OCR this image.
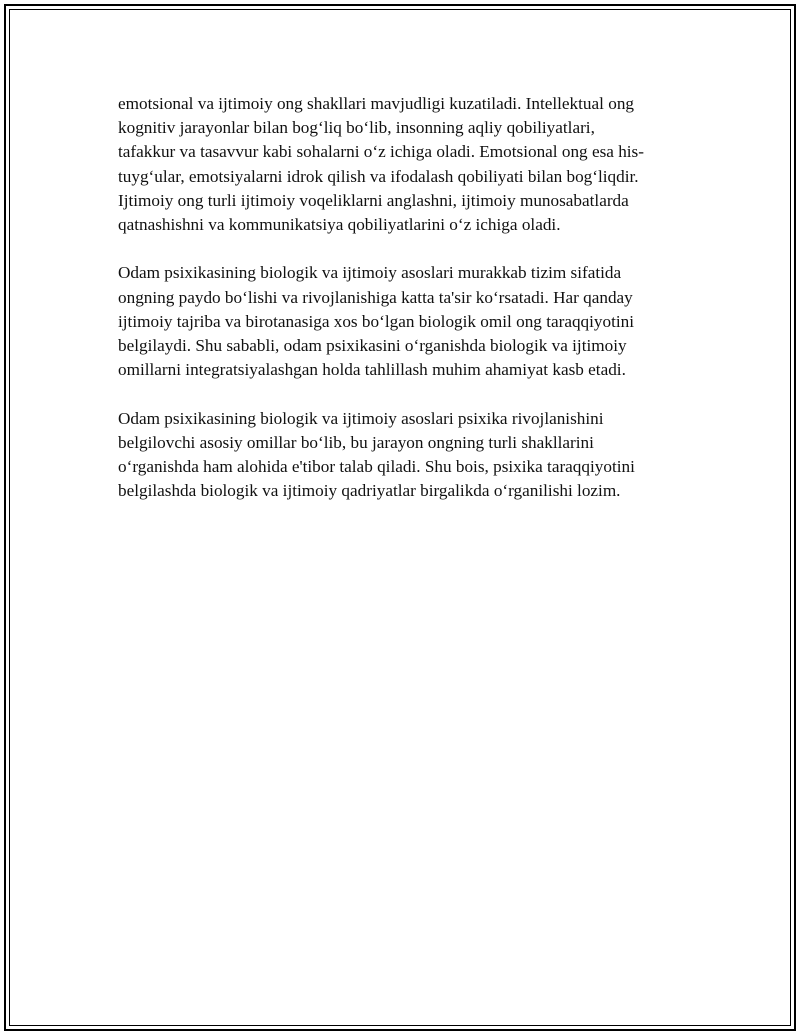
emotsional va ijtimoiy ong shakllari mavjudligi kuzatiladi. Intellektual ong
kognitiv jarayonlar bilan bog‘liq bo‘lib, insonning aqliy qobiliyatlari,
tafakkur va tasavvur kabi sohalarni o‘z ichiga oladi. Emotsional ong esa his-
tuyg‘ular, emotsiyalarni idrok qilish va ifodalash qobiliyati bilan bog‘liqdir.
Ijtimoiy ong turli ijtimoiy voqeliklarni anglashni, ijtimoiy munosabatlarda
qatnashishni va kommunikatsiya qobiliyatlarini o‘z ichiga oladi.

Odam psixikasining biologik va ijtimoiy asoslari murakkab tizim sifatida
ongning paydo bo‘lishi va rivojlanishiga katta ta'sir ko‘rsatadi. Har qanday
ijtimoiy tajriba va birotanasiga xos bo‘lgan biologik omil ong taraqqiyotini
belgilaydi. Shu sababli, odam psixikasini o‘rganishda biologik va ijtimoiy
omillarni integratsiyalashgan holda tahlillash muhim ahamiyat kasb etadi.

Odam psixikasining biologik va ijtimoiy asoslari psixika rivojlanishini
belgilovchi asosiy omillar bo‘lib, bu jarayon ongning turli shakllarini
o‘rganishda ham alohida e'tibor talab qiladi. Shu bois, psixika taraqqiyotini
belgilashda biologik va ijtimoiy qadriyatlar birgalikda o‘rganilishi lozim.
